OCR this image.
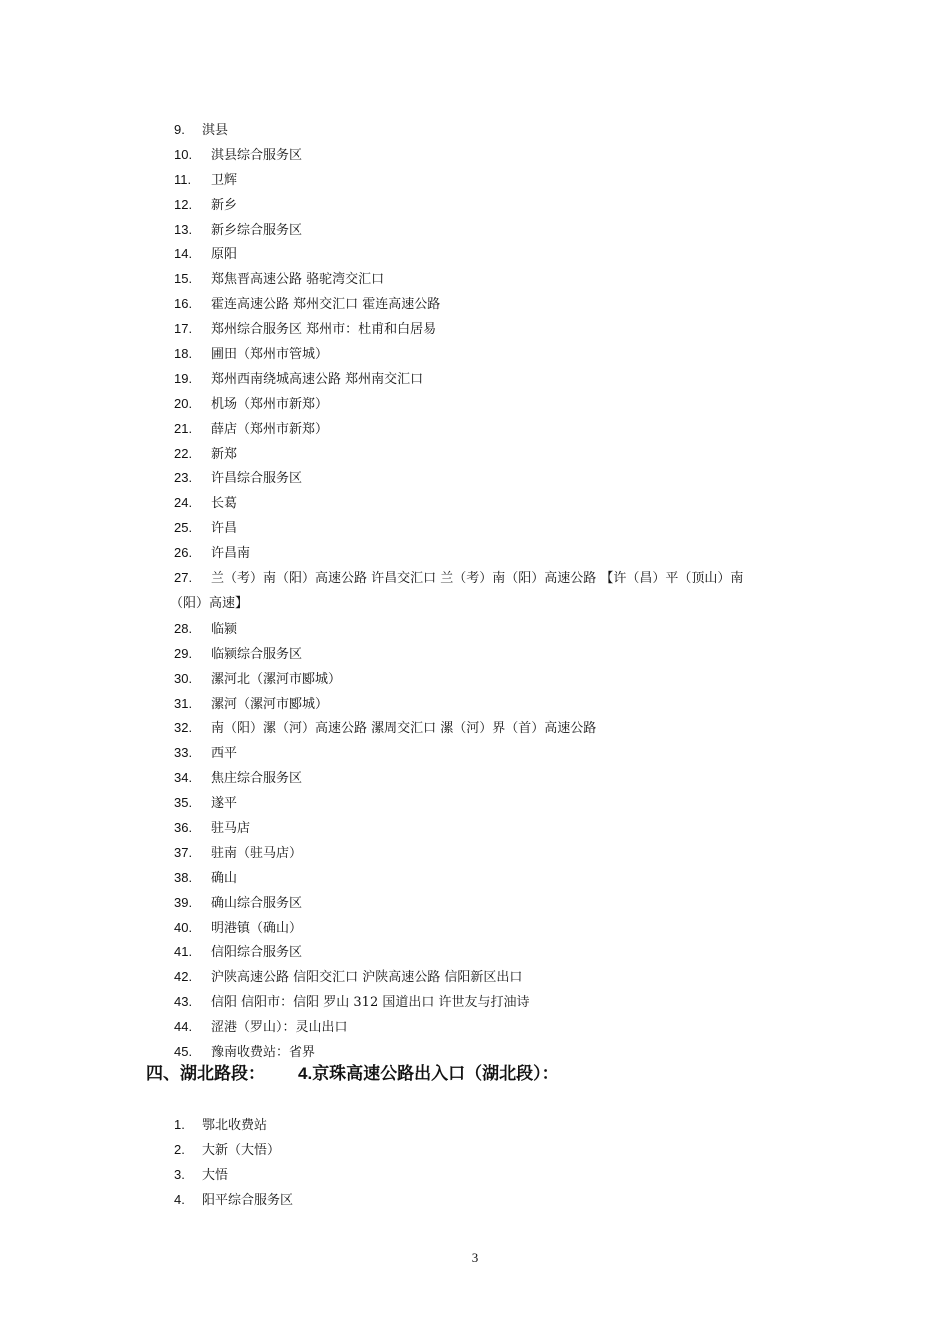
9. 淇县
10. 淇县综合服务区
11. 卫辉
12. 新乡
13. 新乡综合服务区
14. 原阳
15. 郑焦晋高速公路 骆驼湾交汇口
16. 霍连高速公路 郑州交汇口 霍连高速公路
17. 郑州综合服务区 郑州市：杜甫和白居易
18. 圃田（郑州市管城）
19. 郑州西南绕城高速公路 郑州南交汇口
20. 机场（郑州市新郑）
21. 薛店（郑州市新郑）
22. 新郑
23. 许昌综合服务区
24. 长葛
25. 许昌
26. 许昌南
27. 兰（考）南（阳）高速公路 许昌交汇口 兰（考）南（阳）高速公路 【许（昌）平（顶山）南
（阳）高速】
28. 临颍
29. 临颍综合服务区
30. 漯河北（漯河市郾城）
31. 漯河（漯河市郾城）
32. 南（阳）漯（河）高速公路 漯周交汇口 漯（河）界（首）高速公路
33. 西平
34. 焦庄综合服务区
35. 遂平
36. 驻马店
37. 驻南（驻马店）
38. 确山
39. 确山综合服务区
40. 明港镇（确山）
41. 信阳综合服务区
42. 沪陕高速公路 信阳交汇口 沪陕高速公路 信阳新区出口
43. 信阳 信阳市：信阳 罗山 312 国道出口 许世友与打油诗
44. 涩港（罗山）：灵山出口
45. 豫南收费站：省界
四、湖北路段： 4.京珠高速公路出入口（湖北段）：
1. 鄂北收费站
2. 大新（大悟）
3. 大悟
4. 阳平综合服务区
3
